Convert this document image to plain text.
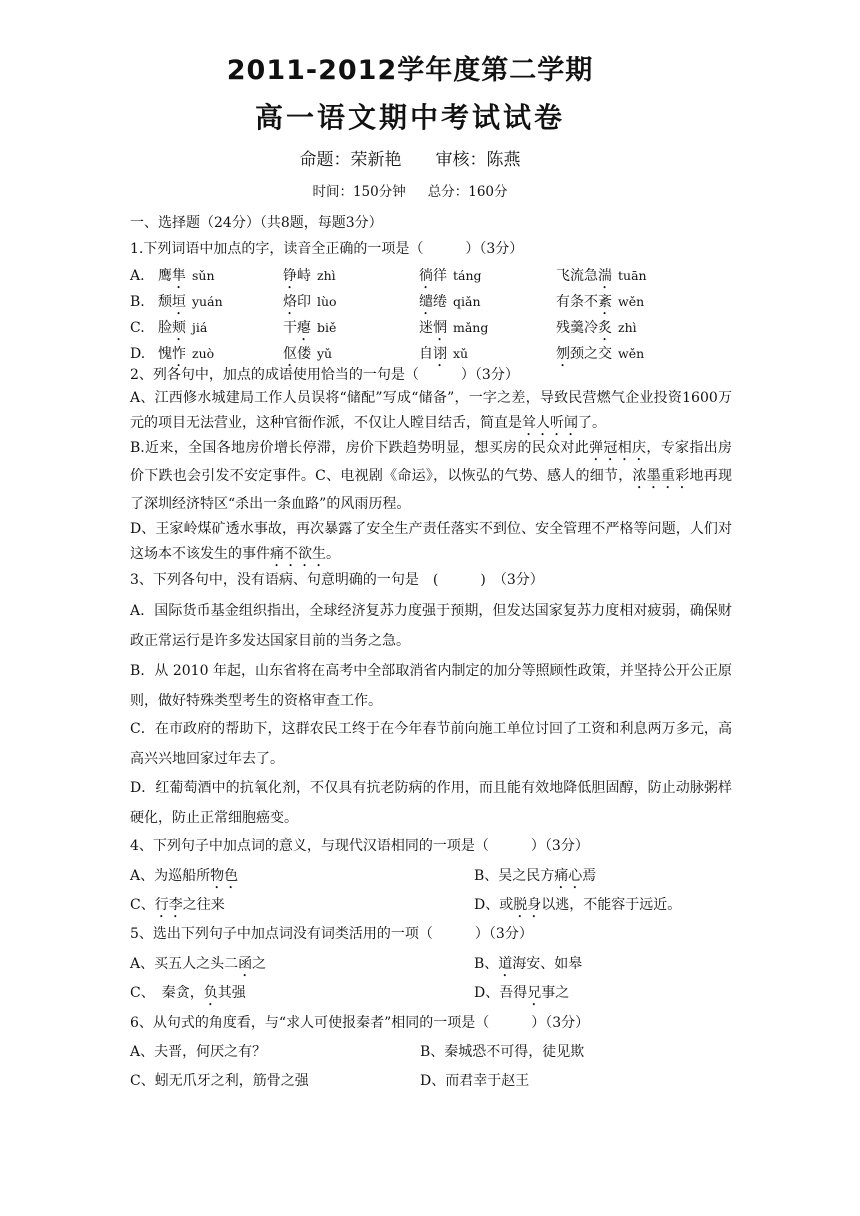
2011-2012学年度第二学期
高一语文期中考试试卷
命题：荣新艳 审核：陈燕
时间：150分钟 总分：160分
一、选择题（24分）（共8题，每题3分）
1.下列词语中加点的字，读音全正确的一项是（　　　）（3分）
A. 鹰隼 sǔn	铮峙 zhì	徜徉 táng	飞流急湍 tuān
B. 颓垣 yuán	烙印 lùo	缱绻 qiǎn	有条不紊 wěn
C. 脸颊 jiá	干瘪 biě	迷惘 mǎng	残羹冷炙 zhì
D. 愧怍 zuò	伛偻 yǔ	自诩 xǔ	刎颈之交 wěn
2、列各句中，加点的成语使用恰当的一句是（　　　）（3分）
A、江西修水城建局工作人员误将“储配”写成“储备”，一字之差，导致民营燃气企业投资1600万元的项目无法营业，这种官衙作派，不仅让人瞠目结舌，简直是耸人听闻了。
B.近来，全国各地房价增长停滞，房价下跌趋势明显，想买房的民众对此弹冠相庆，专家指出房价下跌也会引发不安定事件。C、电视剧《命运》，以恢弘的气势、感人的细节，浓墨重彩地再现了深圳经济特区“杀出一条血路”的风雨历程。
D、王家岭煤矿透水事故，再次暴露了安全生产责任落实不到位、安全管理不严格等问题，人们对这场本不该发生的事件痛不欲生。
3、下列各句中，没有语病、句意明确的一句是　(　　　)　（3分）
A．国际货币基金组织指出，全球经济复苏力度强于预期，但发达国家复苏力度相对疲弱，确保财政正常运行是许多发达国家目前的当务之急。
B．从 2010 年起，山东省将在高考中全部取消省内制定的加分等照顾性政策，并坚持公开公正原则，做好特殊类型考生的资格审查工作。
C．在市政府的帮助下，这群农民工终于在今年春节前向施工单位讨回了工资和利息两万多元，高高兴兴地回家过年去了。
D．红葡萄酒中的抗氧化剂，不仅具有抗老防病的作用，而且能有效地降低胆固醇，防止动脉粥样硬化，防止正常细胞癌变。
4、下列句子中加点词的意义，与现代汉语相同的一项是（　　　）（3分）
A、为巡船所物色	B、吴之民方痛心焉
C、行李之往来	D、或脱身以逃，不能容于远近。
5、选出下列句子中加点词没有词类活用的一项（　　　）（3分）
A、买五人之头二函之	B、道海安、如皋
C、　秦贪，负其强	D、吾得兄事之
6、从句式的角度看，与“求人可使报秦者”相同的一项是（　　　）（3分）
A、夫晋，何厌之有？	B、秦城恐不可得，徒见欺
C、蚓无爪牙之利，筋骨之强	D、而君幸于赵王
